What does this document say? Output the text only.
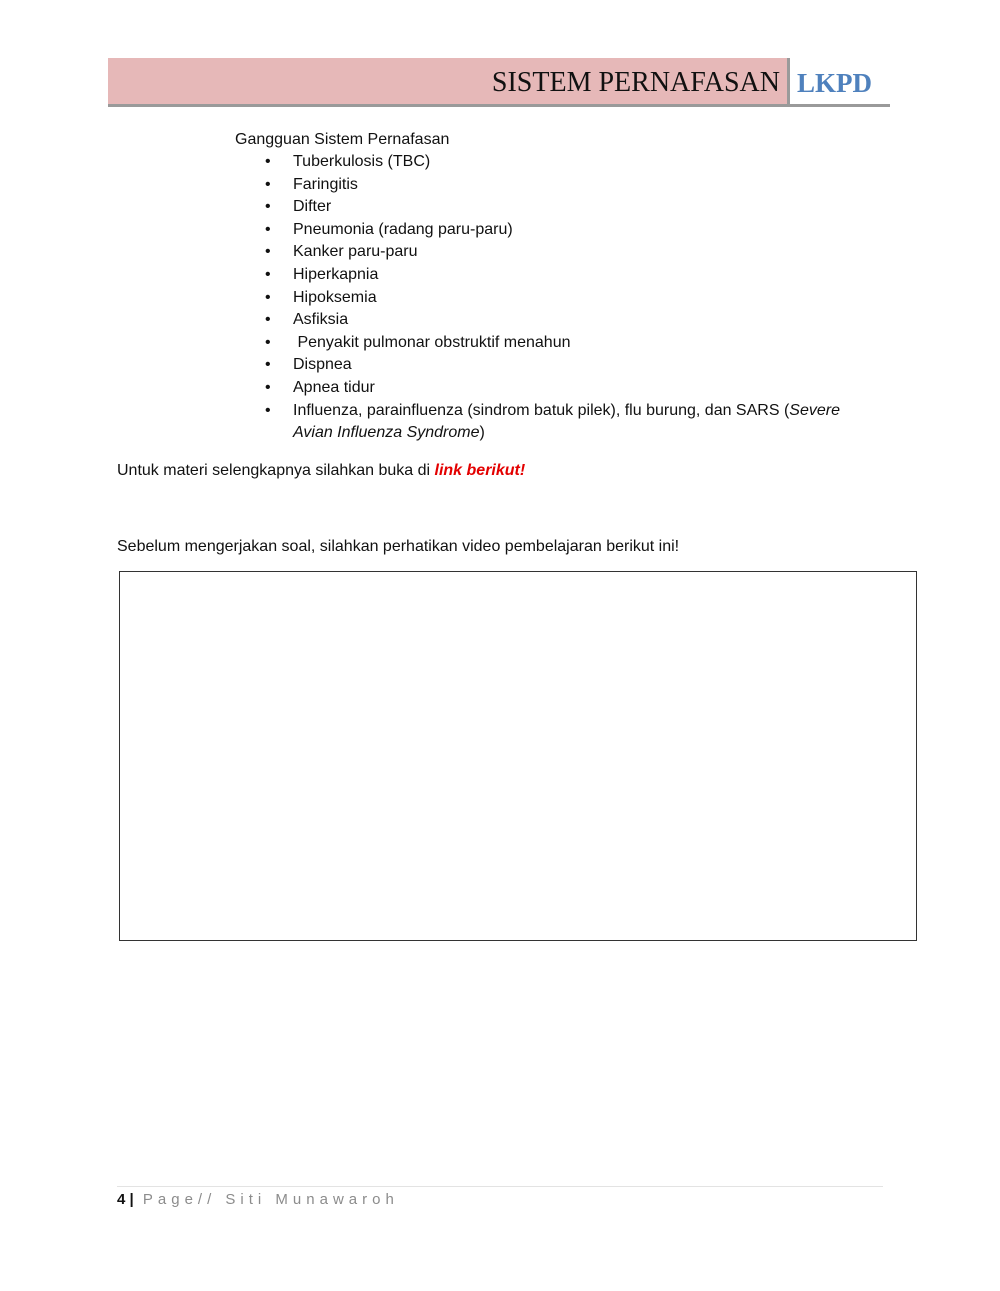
SISTEM PERNAFASAN LKPD
Gangguan Sistem Pernafasan
• Tuberkulosis (TBC)
• Faringitis
• Difter
• Pneumonia (radang paru-paru)
• Kanker paru-paru
• Hiperkapnia
• Hipoksemia
• Asfiksia
•  Penyakit pulmonar obstruktif menahun
• Dispnea
• Apnea tidur
• Influenza, parainfluenza (sindrom batuk pilek), flu burung, dan SARS (Severe Avian Influenza Syndrome)
Untuk materi selengkapnya silahkan buka di link berikut!
Sebelum mengerjakan soal, silahkan perhatikan video pembelajaran berikut ini!
4 | Page// Siti Munawaroh
